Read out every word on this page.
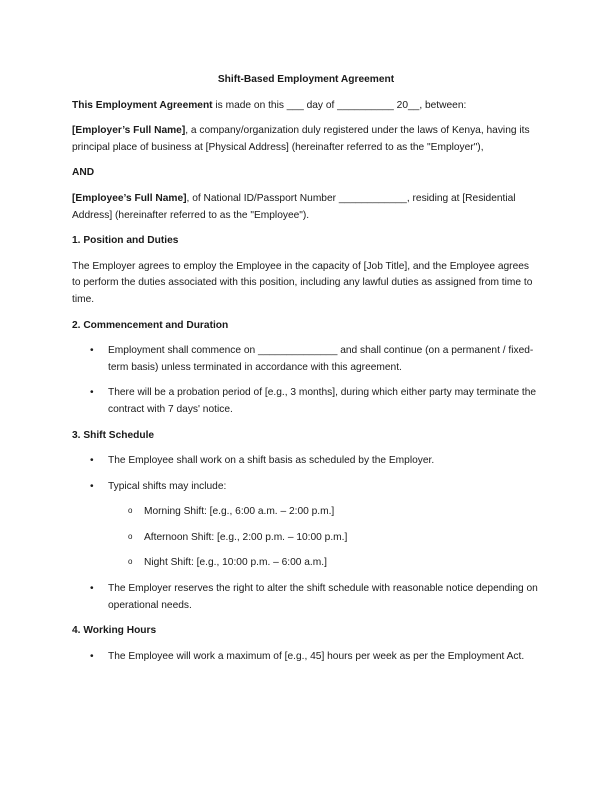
Shift-Based Employment Agreement

This Employment Agreement is made on this ___ day of __________ 20__, between:

[Employer’s Full Name], a company/organization duly registered under the laws of Kenya, having its principal place of business at [Physical Address] (hereinafter referred to as the "Employer"),

AND

[Employee’s Full Name], of National ID/Passport Number ____________, residing at [Residential Address] (hereinafter referred to as the "Employee").

1. Position and Duties

The Employer agrees to employ the Employee in the capacity of [Job Title], and the Employee agrees to perform the duties associated with this position, including any lawful duties as assigned from time to time.

2. Commencement and Duration

• Employment shall commence on ______________ and shall continue (on a permanent / fixed-term basis) unless terminated in accordance with this agreement.
• There will be a probation period of [e.g., 3 months], during which either party may terminate the contract with 7 days' notice.

3. Shift Schedule

• The Employee shall work on a shift basis as scheduled by the Employer.
• Typical shifts may include:
o Morning Shift: [e.g., 6:00 a.m. – 2:00 p.m.]
o Afternoon Shift: [e.g., 2:00 p.m. – 10:00 p.m.]
o Night Shift: [e.g., 10:00 p.m. – 6:00 a.m.]
• The Employer reserves the right to alter the shift schedule with reasonable notice depending on operational needs.

4. Working Hours

• The Employee will work a maximum of [e.g., 45] hours per week as per the Employment Act.
